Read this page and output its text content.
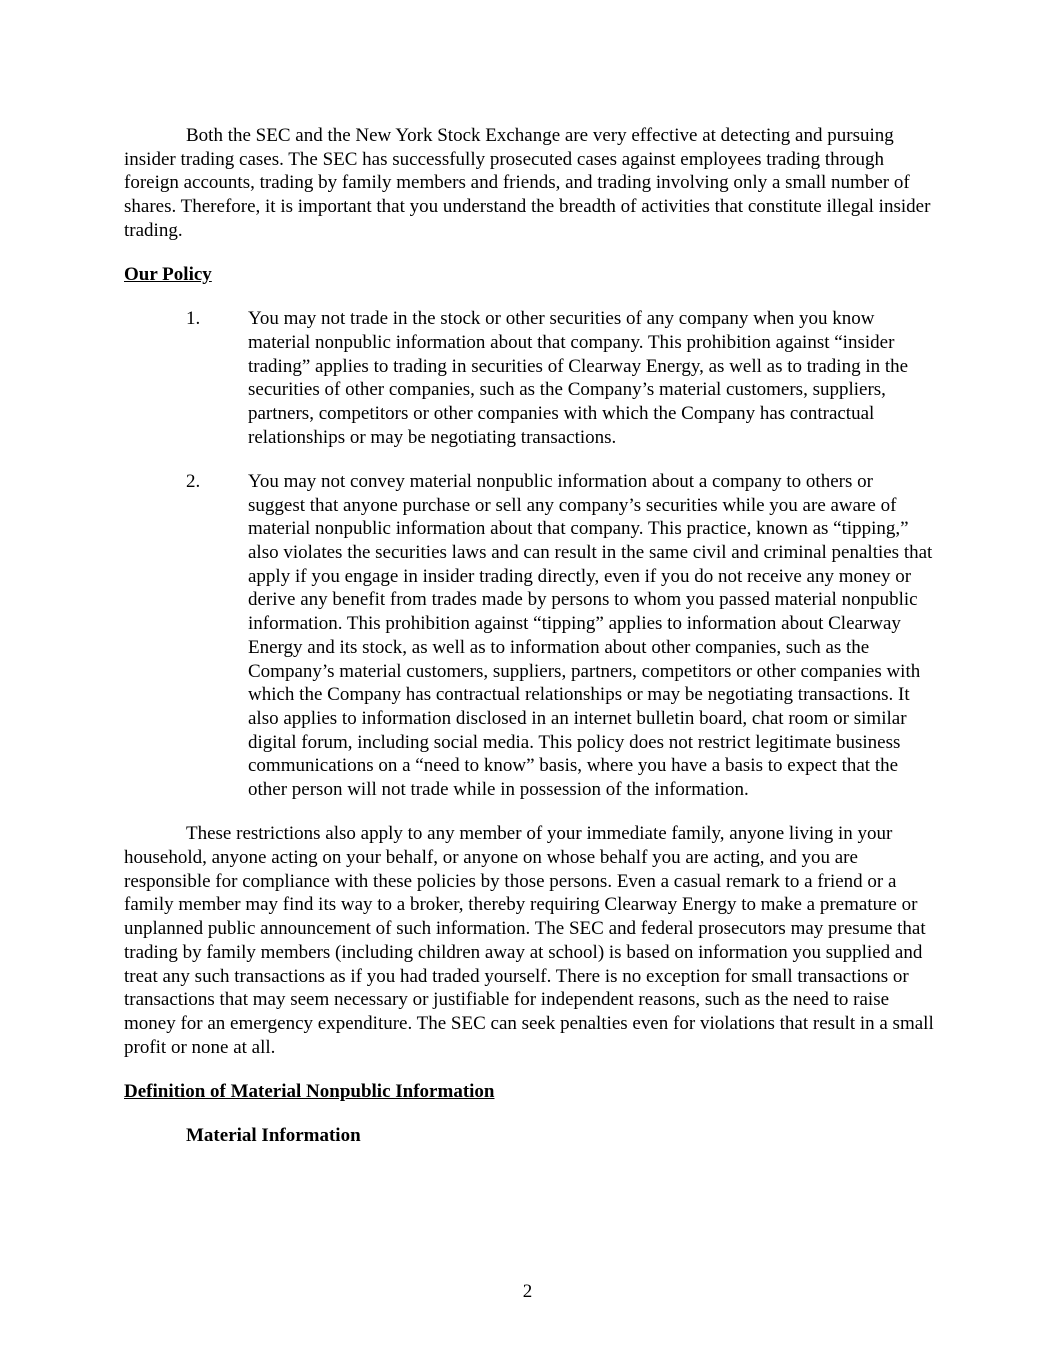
Both the SEC and the New York Stock Exchange are very effective at detecting and pursuing insider trading cases. The SEC has successfully prosecuted cases against employees trading through foreign accounts, trading by family members and friends, and trading involving only a small number of shares. Therefore, it is important that you understand the breadth of activities that constitute illegal insider trading.

Our Policy

1.	You may not trade in the stock or other securities of any company when you know material nonpublic information about that company. This prohibition against “insider trading” applies to trading in securities of Clearway Energy, as well as to trading in the securities of other companies, such as the Company’s material customers, suppliers, partners, competitors or other companies with which the Company has contractual relationships or may be negotiating transactions.

2.	You may not convey material nonpublic information about a company to others or suggest that anyone purchase or sell any company’s securities while you are aware of material nonpublic information about that company. This practice, known as “tipping,” also violates the securities laws and can result in the same civil and criminal penalties that apply if you engage in insider trading directly, even if you do not receive any money or derive any benefit from trades made by persons to whom you passed material nonpublic information. This prohibition against “tipping” applies to information about Clearway Energy and its stock, as well as to information about other companies, such as the Company’s material customers, suppliers, partners, competitors or other companies with which the Company has contractual relationships or may be negotiating transactions. It also applies to information disclosed in an internet bulletin board, chat room or similar digital forum, including social media. This policy does not restrict legitimate business communications on a “need to know” basis, where you have a basis to expect that the other person will not trade while in possession of the information.

These restrictions also apply to any member of your immediate family, anyone living in your household, anyone acting on your behalf, or anyone on whose behalf you are acting, and you are responsible for compliance with these policies by those persons. Even a casual remark to a friend or a family member may find its way to a broker, thereby requiring Clearway Energy to make a premature or unplanned public announcement of such information. The SEC and federal prosecutors may presume that trading by family members (including children away at school) is based on information you supplied and treat any such transactions as if you had traded yourself. There is no exception for small transactions or transactions that may seem necessary or justifiable for independent reasons, such as the need to raise money for an emergency expenditure. The SEC can seek penalties even for violations that result in a small profit or none at all.

Definition of Material Nonpublic Information

Material Information

2
